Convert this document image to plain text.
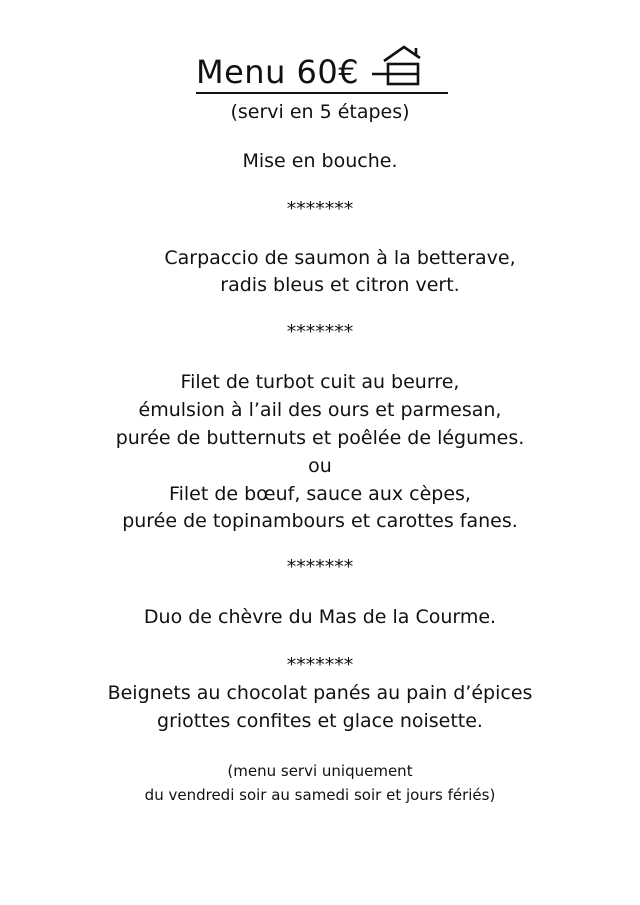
Menu 60€
(servi en 5 étapes)
Mise en bouche.
*******
Carpaccio de saumon à la betterave,
radis bleus et citron vert.
*******
Filet de turbot cuit au beurre,
émulsion à l’ail des ours et parmesan,
purée de butternuts et poêlée de légumes.
ou
Filet de bœuf, sauce aux cèpes,
purée de topinambours et carottes fanes.
*******
Duo de chèvre du Mas de la Courme.
*******
Beignets au chocolat panés au pain d’épices
griottes confites et glace noisette.
(menu servi uniquement
du vendredi soir au samedi soir et jours fériés)
